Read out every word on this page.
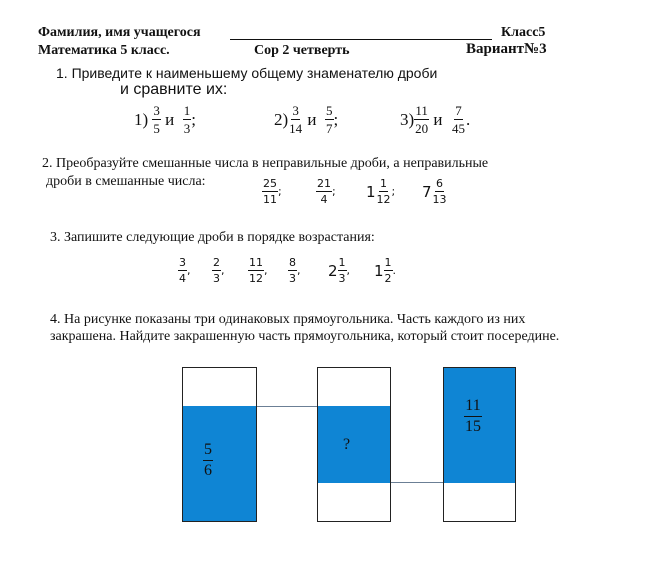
Фамилия, имя учащегося	Класс5
Математика 5 класс.	Сор 2 четверть	Вариант№3
1. Приведите к наименьшему общему знаменателю дроби
и сравните их:
1)
$\frac{3}{5}$
и
$\frac{1}{3}$ ;	$2) \frac{3}{14}$
и
$\frac{5}{7}$ ;	$3) \frac{11}{20}$
и
$\frac{7}{45}$ .
2. Преобразуйте смешанные числа в неправильные дроби, а неправильные
дроби в смешанные числа:	$\frac{25}{11}$ ;	$\frac{21}{4}$ ; $1 \frac{1}{12}$ ; $7 \frac{6}{13}$
3. Запишите следующие дроби в порядке возрастания:
$\frac{3}{4}$ , $\frac{2}{3}$ , $\frac{11}{12}$ , $\frac{8}{3}$ , $2 \frac{1}{3}$ , $1 \frac{1}{2}$ .
4. На рисунке показаны три одинаковых прямоугольника. Часть каждого из них
закрашена. Найдите закрашенную часть прямоугольника, который стоит посередине.
$\frac{5}{6}$	?
$\frac{11}{15}$
